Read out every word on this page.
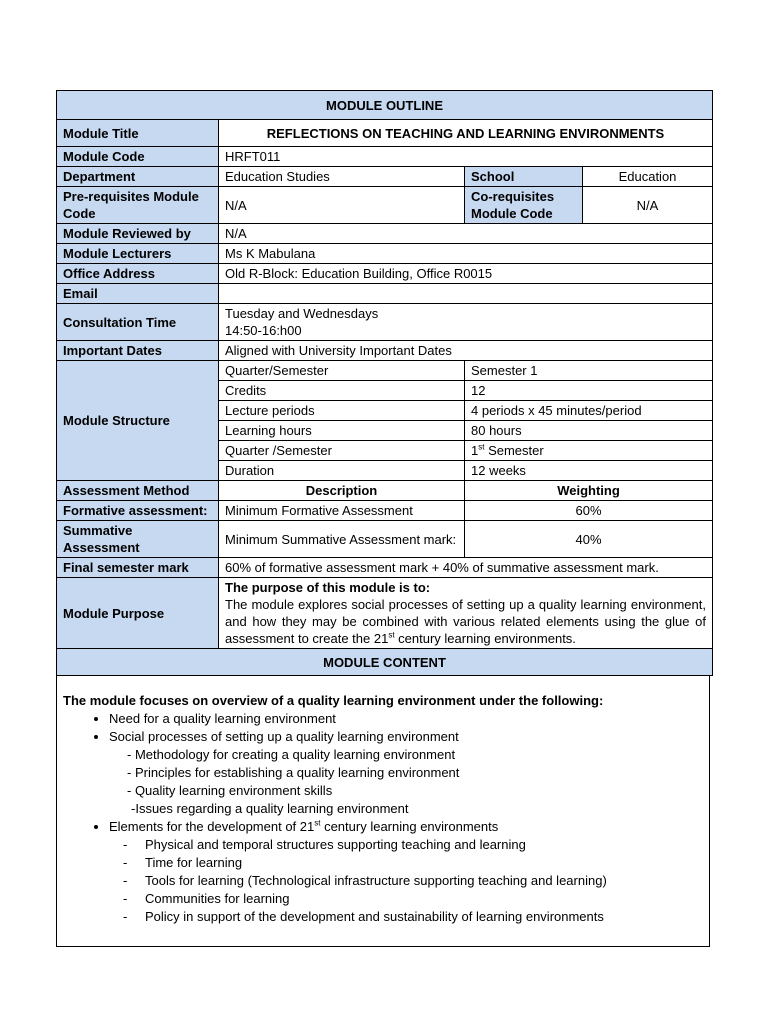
MODULE OUTLINE			
Module Title	REFLECTIONS ON TEACHING AND LEARNING ENVIRONMENTS		
Module Code	HRFT011		
Department	Education Studies	School	Education
Pre-requisites Module Code	N/A	Co-requisites Module Code	N/A
Module Reviewed by	N/A		
Module Lecturers	Ms K Mabulana		
Office Address	Old R-Block: Education Building, Office R0015		
Email			
Consultation Time	Tuesday and Wednesdays
14:50-16:h00		

Important Dates	Aligned with University Important Dates		
Module Structure	Quarter/Semester	Semester 1	
	Credits	12	
	Lecture periods	4 periods x 45 minutes/period	
	Learning hours	80 hours	
	Quarter /Semester	1st Semester	
	Duration	12 weeks	
Assessment Method	Description	Weighting	
Formative assessment:	Minimum Formative Assessment	60%	
Summative Assessment	Minimum Summative Assessment mark:	40%	
Final semester mark	60% of formative assessment mark + 40% of summative assessment mark.		
Module Purpose	The purpose of this module is to:
The module explores social processes of setting up a quality learning environment, and how they may be combined with various related elements using the glue of assessment to create the 21st century learning environments.		

MODULE CONTENT			
The module focuses on overview of a quality learning environment under the following:
• Need for a quality learning environment
• Social processes of setting up a quality learning environment
- Methodology for creating a quality learning environment
- Principles for establishing a quality learning environment
- Quality learning environment skills
-Issues regarding a quality learning environment
• Elements for the development of 21st century learning environments
- Physical and temporal structures supporting teaching and learning
- Time for learning
- Tools for learning (Technological infrastructure supporting teaching and learning)
- Communities for learning
- Policy in support of the development and sustainability of learning environments
